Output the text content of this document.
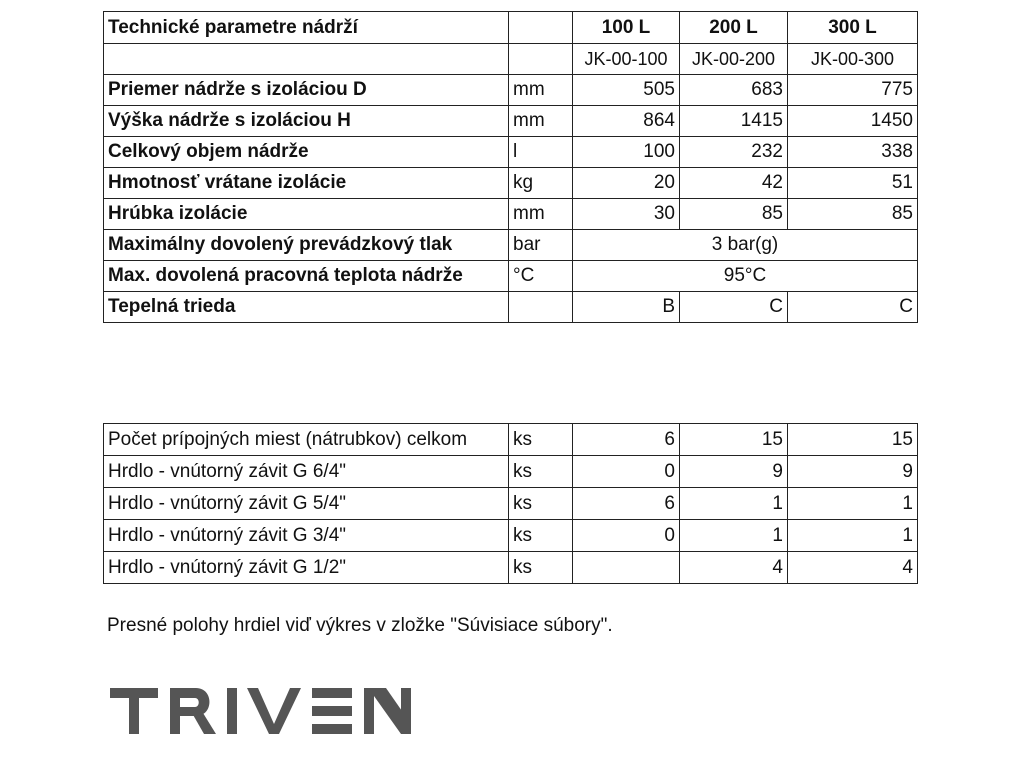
Technické parametre nádrží		100 L	200 L	300 L
		JK-00-100	JK-00-200	JK-00-300
Priemer nádrže s izoláciou D	mm	505	683	775
Výška nádrže s izoláciou H	mm	864	1415	1450
Celkový objem nádrže	l	100	232	338
Hmotnosť vrátane izolácie	kg	20	42	51
Hrúbka izolácie	mm	30	85	85
Maximálny dovolený prevádzkový tlak	bar	3 bar(g)		
Max. dovolená pracovná teplota nádrže	°C	95°C		
Tepelná trieda		B	C	C
Počet prípojných miest (nátrubkov) celkom	ks	6	15	15
Hrdlo - vnútorný závit G 6/4"	ks	0	9	9
Hrdlo - vnútorný závit G 5/4"	ks	6	1	1
Hrdlo - vnútorný závit G 3/4"	ks	0	1	1
Hrdlo - vnútorný závit G 1/2"	ks		4	4
Presné polohy hrdiel viď výkres v zložke "Súvisiace súbory".
